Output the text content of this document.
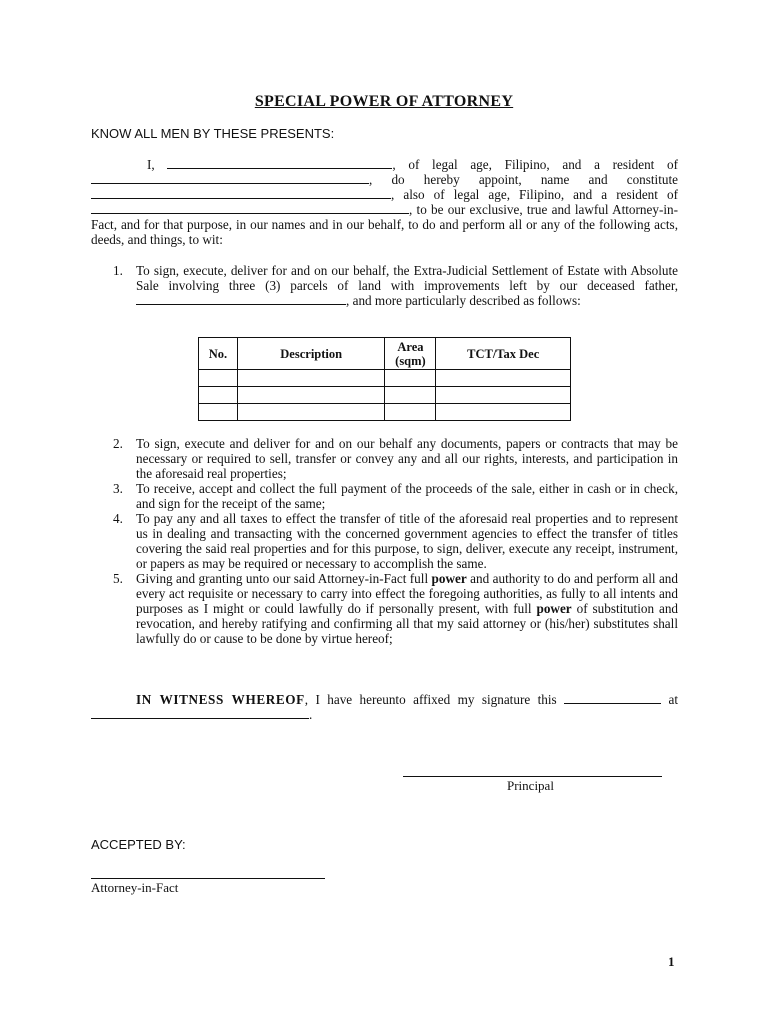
SPECIAL POWER OF ATTORNEY
KNOW ALL MEN BY THESE PRESENTS:
I,	, of legal age, Filipino, and a resident of , do hereby appoint, name and constitute , also of legal age, Filipino, and a resident of , to be our exclusive, true and lawful Attorney-in-Fact, and for that purpose, in our names and in our behalf, to do and perform all or any of the following acts, deeds, and things, to wit:
1. To sign, execute, deliver for and on our behalf, the Extra-Judicial Settlement of Estate with Absolute Sale involving three (3) parcels of land with improvements left by our deceased father, , and more particularly described as follows:
No.	Description	Area (sqm)	TCT/Tax Dec

2. To sign, execute and deliver for and on our behalf any documents, papers or contracts that may be necessary or required to sell, transfer or convey any and all our rights, interests, and participation in the aforesaid real properties;
3. To receive, accept and collect the full payment of the proceeds of the sale, either in cash or in check, and sign for the receipt of the same;
4. To pay any and all taxes to effect the transfer of title of the aforesaid real properties and to represent us in dealing and transacting with the concerned government agencies to effect the transfer of titles covering the said real properties and for this purpose, to sign, deliver, execute any receipt, instrument, or papers as may be required or necessary to accomplish the same.
5. Giving and granting unto our said Attorney-in-Fact full power and authority to do and perform all and every act requisite or necessary to carry into effect the foregoing authorities, as fully to all intents and purposes as I might or could lawfully do if personally present, with full power of substitution and revocation, and hereby ratifying and confirming all that my said attorney or (his/her) substitutes shall lawfully do or cause to be done by virtue hereof;
IN WITNESS WHEREOF, I have hereunto affixed my signature this	at .
Principal
ACCEPTED BY:
Attorney-in-Fact
1
